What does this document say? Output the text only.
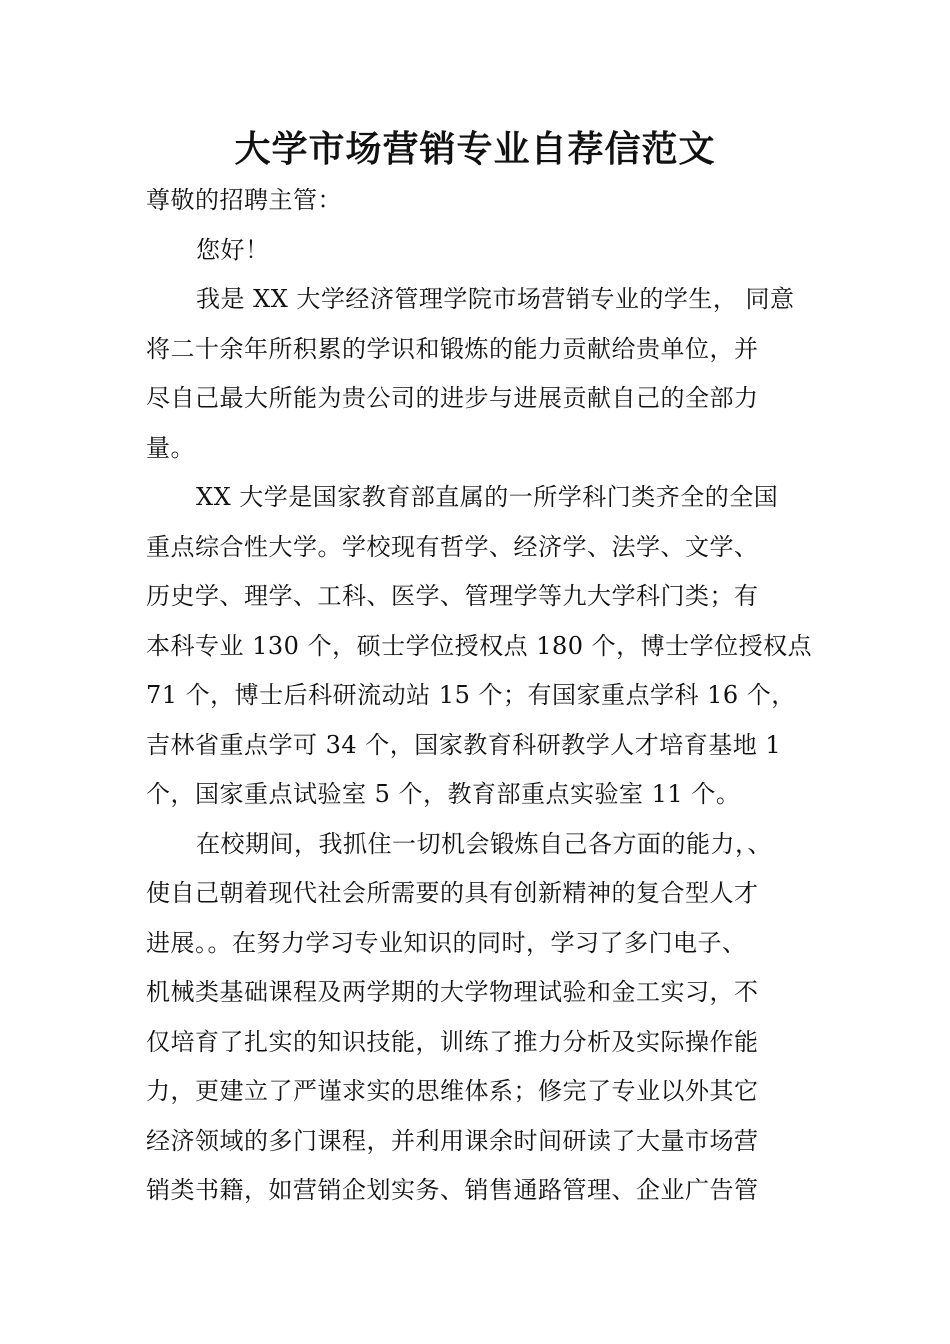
大学市场营销专业自荐信范文
尊敬的招聘主管：
您好！
我是 XX 大学经济管理学院市场营销专业的学生， 同意
将二十余年所积累的学识和锻炼的能力贡献给贵单位，并
尽自己最大所能为贵公司的进步与进展贡献自己的全部力
量。
XX 大学是国家教育部直属的一所学科门类齐全的全国
重点综合性大学。学校现有哲学、经济学、法学、文学、
历史学、理学、工科、医学、管理学等九大学科门类；有
本科专业 130 个，硕士学位授权点 180 个，博士学位授权点
71 个，博士后科研流动站 15 个；有国家重点学科 16 个，
吉林省重点学可 34 个，国家教育科研教学人才培育基地 1
个，国家重点试验室 5 个，教育部重点实验室 11 个。
在校期间，我抓住一切机会锻炼自己各方面的能力，、
使自己朝着现代社会所需要的具有创新精神的复合型人才
进展。。在努力学习专业知识的同时，学习了多门电子、
机械类基础课程及两学期的大学物理试验和金工实习，不
仅培育了扎实的知识技能，训练了推力分析及实际操作能
力，更建立了严谨求实的思维体系；修完了专业以外其它
经济领域的多门课程，并利用课余时间研读了大量市场营
销类书籍，如营销企划实务、销售通路管理、企业广告管
